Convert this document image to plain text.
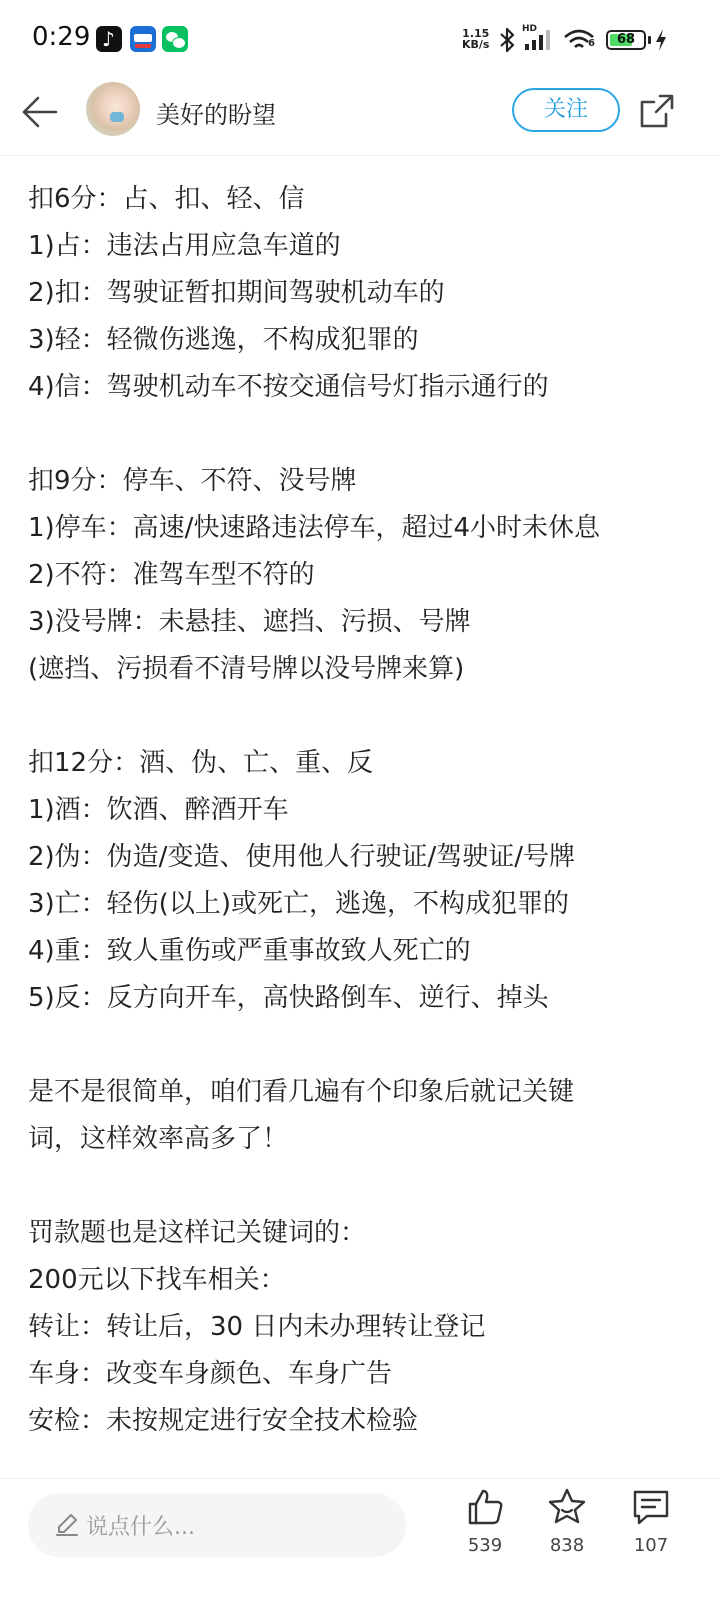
0:29
♪	1.15
KB/s
HD
6	68
美好的盼望	关注
扣6分：占、扣、轻、信
1)占：违法占用应急车道的
2)扣：驾驶证暂扣期间驾驶机动车的
3)轻：轻微伤逃逸，不构成犯罪的
4)信：驾驶机动车不按交通信号灯指示通行的
扣9分：停车、不符、没号牌
1)停车：高速/快速路违法停车，超过4小时未休息
2)不符：准驾车型不符的
3)没号牌：未悬挂、遮挡、污损、号牌
(遮挡、污损看不清号牌以没号牌来算)
扣12分：酒、伪、亡、重、反
1)酒：饮酒、醉酒开车
2)伪：伪造/变造、使用他人行驶证/驾驶证/号牌
3)亡：轻伤(以上)或死亡，逃逸，不构成犯罪的
4)重：致人重伤或严重事故致人死亡的
5)反：反方向开车，高快路倒车、逆行、掉头
是不是很简单，咱们看几遍有个印象后就记关键
词，这样效率高多了！
罚款题也是这样记关键词的：
200元以下找车相关：
转让：转让后，30 日内未办理转让登记
车身：改变车身颜色、车身广告
安检：未按规定进行安全技术检验
说点什么...
539	838	107
